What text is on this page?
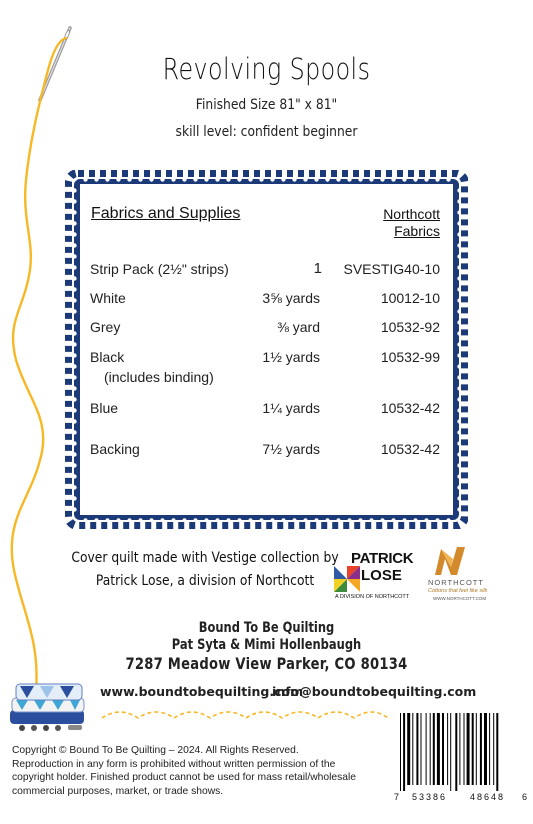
Revolving Spools
Finished Size 81" x 81"
skill level: confident beginner
Fabrics and Supplies	Northcott
Fabrics
Strip Pack (2½" strips)	1 SVESTIG40-10
White	3⅝ yards	10012-10
Grey	⅜ yard	10532-92
Black	1½ yards	10532-99
(includes binding)
Blue	1¼ yards	10532-42
Backing	7½ yards	10532-42
Cover quilt made with Vestige collection by
Patrick Lose, a division of Northcott
PATRICK
LOSE
A DIVISION OF NORTHCOTT
NORTHCOTT
Cottons that feel like silk
WWW.NORTHCOTT.COM
Bound To Be Quilting
Pat Syta & Mimi Hollenbaugh
7287 Meadow View Parker, CO 80134
www.boundtobequilting.com
info@boundtobequilting.com
Copyright © Bound To Be Quilting – 2024. All Rights Reserved.
Reproduction in any form is prohibited without written permission of the
copyright holder. Finished product cannot be used for mass retail/wholesale
commercial purposes, market, or trade shows.
7 53386	48648 6
